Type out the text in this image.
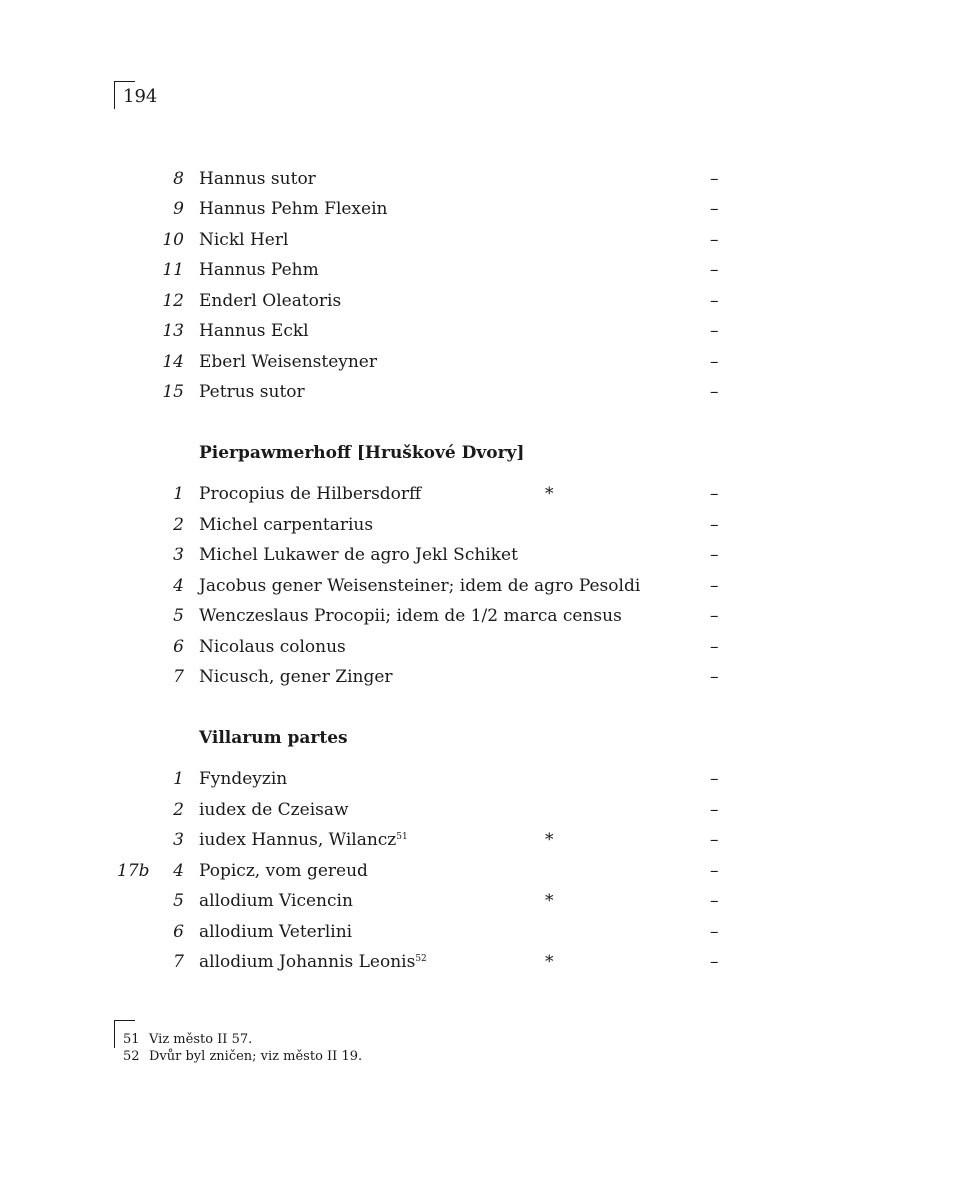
194
8 Hannus sutor	–
9 Hannus Pehm Flexein	–
10 Nickl Herl	–
11 Hannus Pehm	–
12 Enderl Oleatoris	–
13 Hannus Eckl	–
14 Eberl Weisensteyner	–
15 Petrus sutor	–
Pierpawmerhoff [Hruškové Dvory]
1 Procopius de Hilbersdorff	*	–
2 Michel carpentarius	–
3 Michel Lukawer de agro Jekl Schiket	–
4 Jacobus gener Weisensteiner; idem de agro Pesoldi	–
5 Wenczeslaus Procopii; idem de 1/2 marca census	–
6 Nicolaus colonus	–
7 Nicusch, gener Zinger	–
Villarum partes
1 Fyndeyzin	–
2 iudex de Czeisaw	–
3 iudex Hannus, Wilancz$^{51}$	*	–
17b 4 Popicz, vom gereud	–
5 allodium Vicencin	*	–
6 allodium Veterlini	–
7 allodium Johannis Leonis$^{52}$	*	–
51 Viz město II 57.
52 Dvůr byl zničen; viz město II 19.
